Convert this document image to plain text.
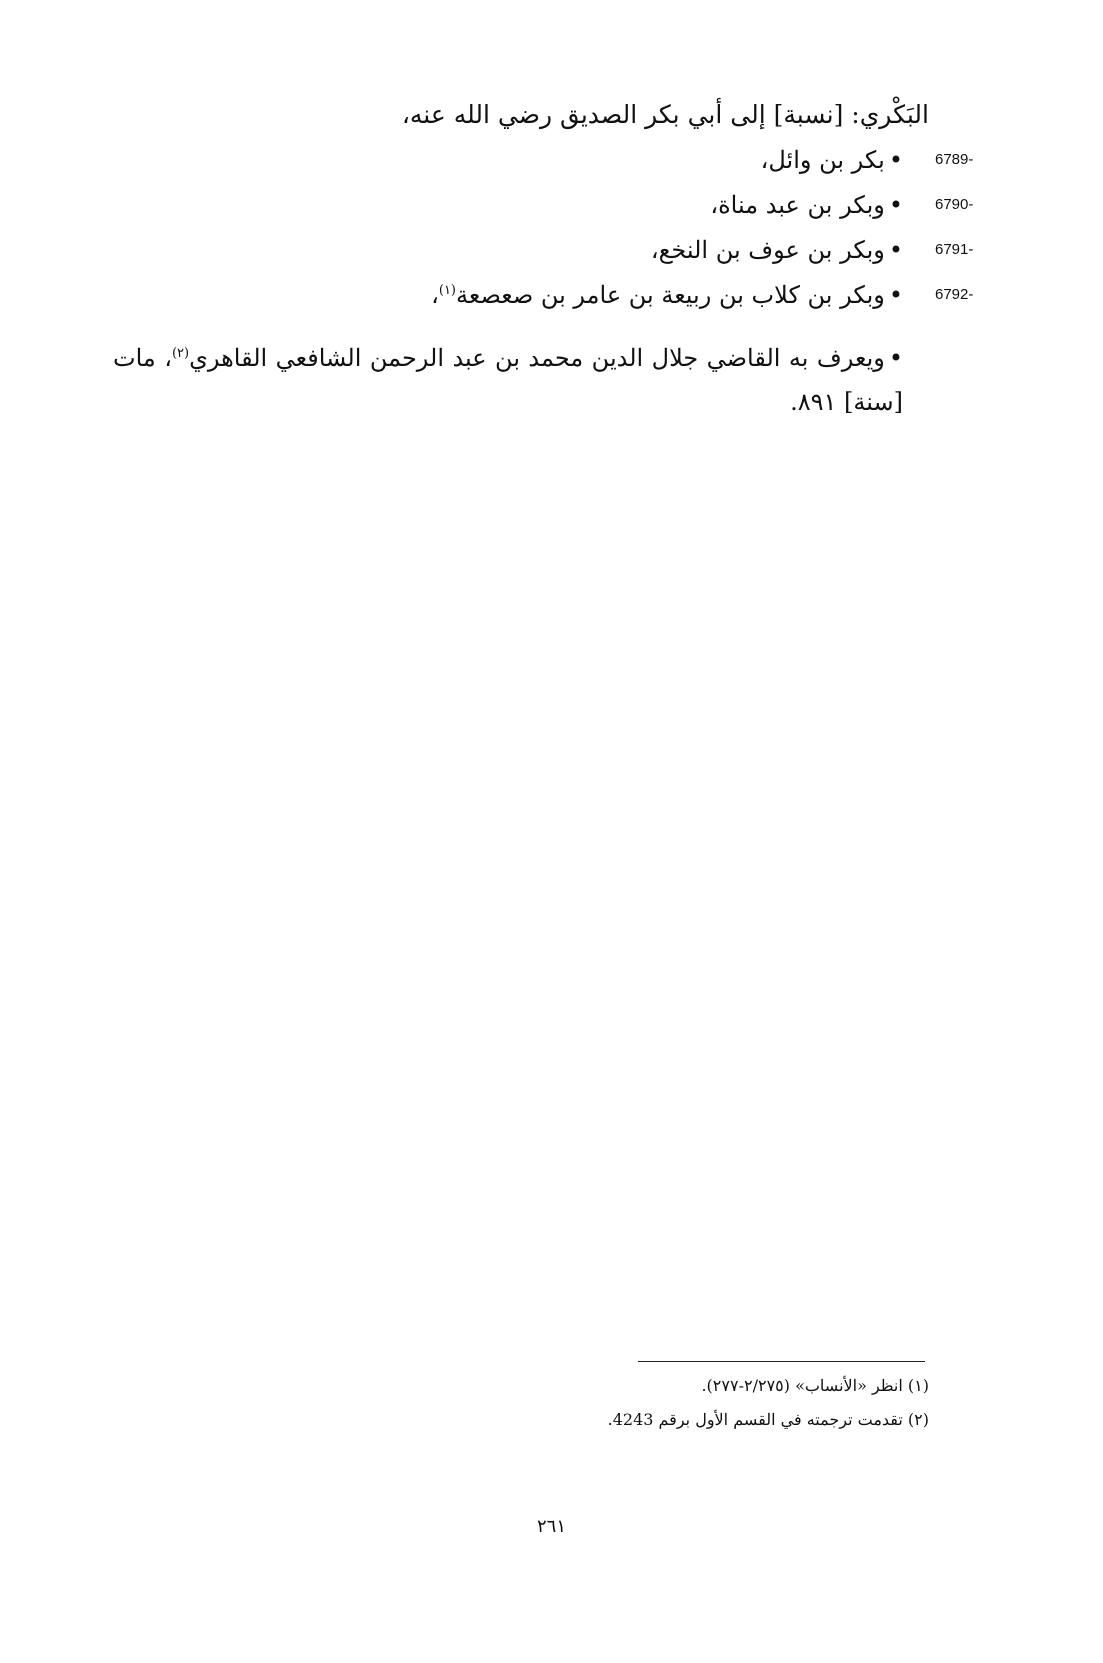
البَكْري: [نسبة] إلى أبي بكر الصديق رضي الله عنه،
6789-
•بكر بن وائل،
6790-
•وبكر بن عبد مناة،
6791-
•وبكر بن عوف بن النخع،
6792-
•وبكر بن كلاب بن ربيعة بن عامر بن صعصعة$^{(١)}$،
•ويعرف به القاضي جلال الدين محمد بن عبد الرحمن الشافعي القاهري$^{(٢)}$، مات [سنة] ٨٩١.
(١) انظر «الأنساب» (٢/٢٧٥-٢٧٧).
(٢) تقدمت ترجمته في القسم الأول برقم 4243.
٢٦١
